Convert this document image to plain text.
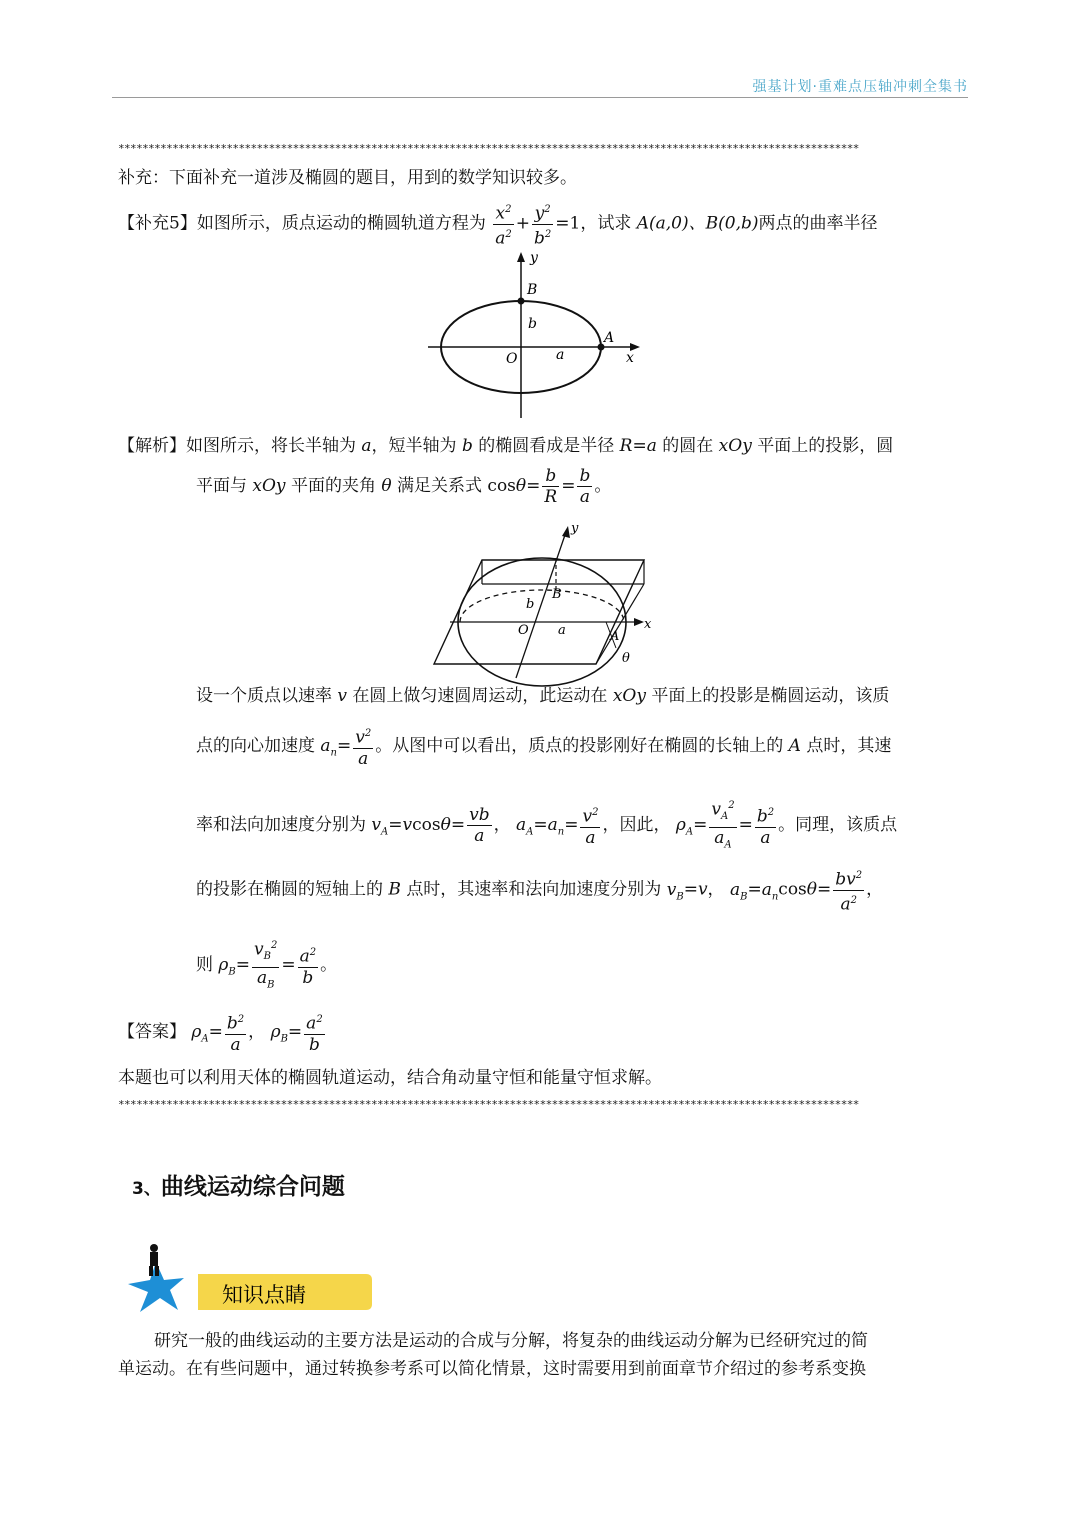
强基计划·重难点压轴冲刺全集书
***************************************************************************************************************************
补充：下面补充一道涉及椭圆的题目，用到的数学知识较多。
【补充5】如图所示，质点运动的椭圆轨道方程为 $\frac{x^2}{a^2} + \frac{y^2}{b^2} =1$，试求 A(a,0)、B(0,b)两点的曲率半径
y
x
B
b
O	a
A
【解析】如图所示，将长半轴为 a，短半轴为 b 的椭圆看成是半径 R=a 的圆在 xOy 平面上的投影，圆
平面与 xOy 平面的夹角 θ 满足关系式 $\cos\theta= \frac{b}{R} = \frac{b}{a}$ 。
y
x
B
b
O a	A
θ
设一个质点以速率 v 在圆上做匀速圆周运动，此运动在 xOy 平面上的投影是椭圆运动，该质
点的向心加速度 $a_n= \frac{v^2}{a}$ 。从图中可以看出，质点的投影刚好在椭圆的长轴上的 A 点时，其速
率和法向加速度分别为 $v_A=vcos\theta= \frac{vb}{a}$ ， $a_A=a_n= \frac{v^2}{a}$ ，因此， $\rho_A= \frac{v_A^2}{a_A} = \frac{b^2}{a}$ 。同理，该质点
的投影在椭圆的短轴上的 B 点时，其速率和法向加速度分别为 $v_B=v$， $a_B=a_n\cos\theta= \frac{bv^2}{a^2}$ ，
则 $\rho_B= \frac{v_B^2}{a_B} = \frac{a^2}{b}$ 。
【答案】 $\rho_A= \frac{b^2}{a}$ ， $\rho_B= \frac{a^2}{b}$
本题也可以利用天体的椭圆轨道运动，结合角动量守恒和能量守恒求解。
***************************************************************************************************************************
3、曲线运动综合问题
知识点睛
研究一般的曲线运动的主要方法是运动的合成与分解，将复杂的曲线运动分解为已经研究过的简
单运动。在有些问题中，通过转换参考系可以简化情景，这时需要用到前面章节介绍过的参考系变换
